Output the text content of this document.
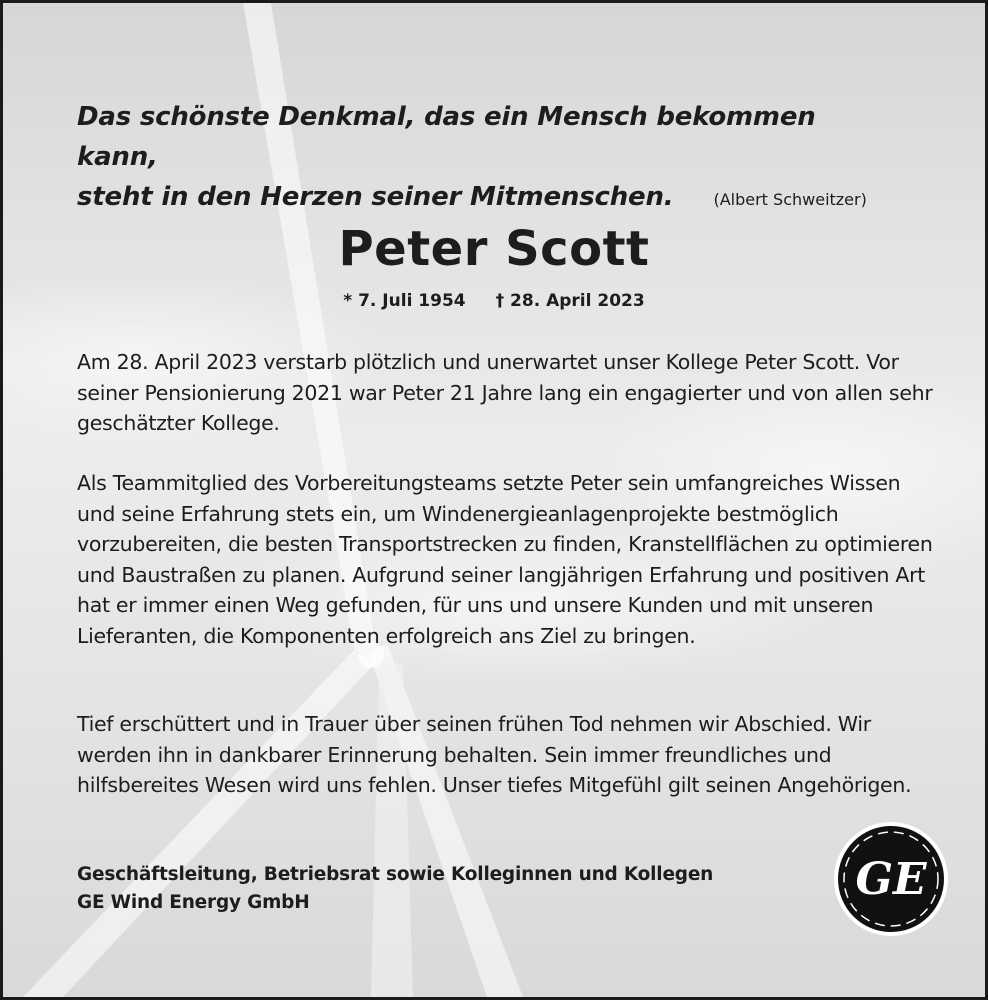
Das schönste Denkmal, das ein Mensch bekommen kann,
steht in den Herzen seiner Mitmenschen.	(Albert Schweitzer)
Peter Scott
* 7. Juli 1954 † 28. April 2023

Am 28. April 2023 verstarb plötzlich und unerwartet unser Kollege Peter Scott. Vor seiner Pensionierung 2021 war Peter 21 Jahre lang ein engagierter und von allen sehr geschätzter Kollege.

Als Teammitglied des Vorbereitungsteams setzte Peter sein umfangreiches Wissen und seine Erfahrung stets ein, um Windenergieanlagenprojekte bestmöglich vorzubereiten, die besten Transportstrecken zu finden, Kranstellflächen zu optimieren und Baustraßen zu planen. Aufgrund seiner langjährigen Erfahrung und positiven Art hat er immer einen Weg gefunden, für uns und unsere Kunden und mit unseren Lieferanten, die Komponenten erfolgreich ans Ziel zu bringen.

Tief erschüttert und in Trauer über seinen frühen Tod nehmen wir Abschied. Wir werden ihn in dankbarer Erinnerung behalten. Sein immer freundliches und hilfsbereites Wesen wird uns fehlen. Unser tiefes Mitgefühl gilt seinen Angehörigen.

Geschäftsleitung, Betriebsrat sowie Kolleginnen und Kollegen
GE Wind Energy GmbH	GE
